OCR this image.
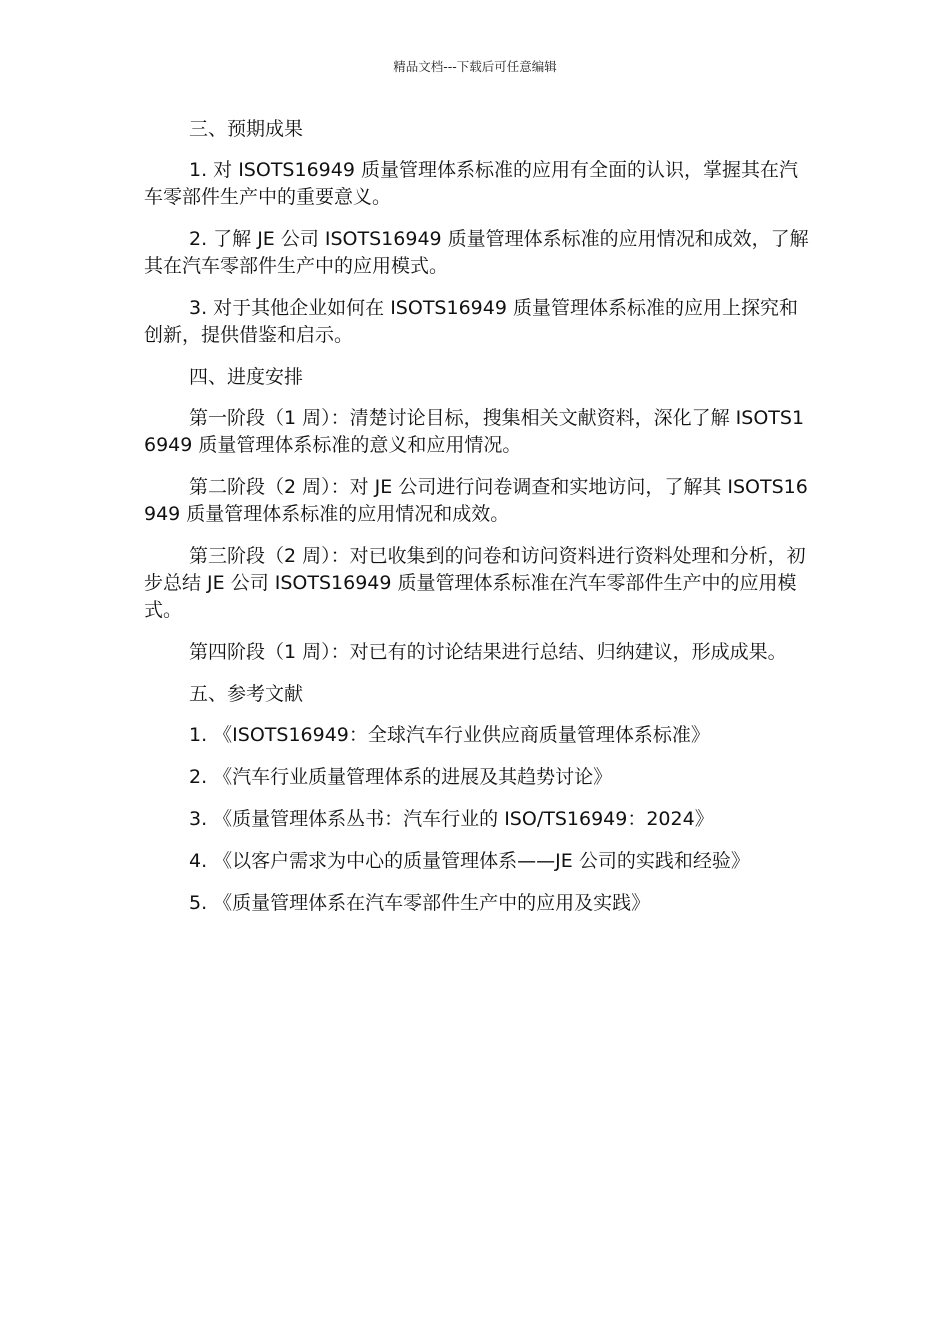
精品文档---下载后可任意编辑

三、预期成果

1. 对 ISOTS16949 质量管理体系标准的应用有全面的认识，掌握其在汽车零部件生产中的重要意义。

2. 了解 JE 公司 ISOTS16949 质量管理体系标准的应用情况和成效，了解其在汽车零部件生产中的应用模式。

3. 对于其他企业如何在 ISOTS16949 质量管理体系标准的应用上探究和创新，提供借鉴和启示。

四、进度安排

第一阶段（1 周）：清楚讨论目标，搜集相关文献资料，深化了解 ISOTS16949 质量管理体系标准的意义和应用情况。

第二阶段（2 周）：对 JE 公司进行问卷调查和实地访问，了解其 ISOTS16949 质量管理体系标准的应用情况和成效。

第三阶段（2 周）：对已收集到的问卷和访问资料进行资料处理和分析，初步总结 JE 公司 ISOTS16949 质量管理体系标准在汽车零部件生产中的应用模式。

第四阶段（1 周）：对已有的讨论结果进行总结、归纳建议，形成成果。

五、参考文献

1. 《ISOTS16949：全球汽车行业供应商质量管理体系标准》

2. 《汽车行业质量管理体系的进展及其趋势讨论》

3. 《质量管理体系丛书：汽车行业的 ISO/TS16949：2024》

4. 《以客户需求为中心的质量管理体系——JE 公司的实践和经验》

5. 《质量管理体系在汽车零部件生产中的应用及实践》
